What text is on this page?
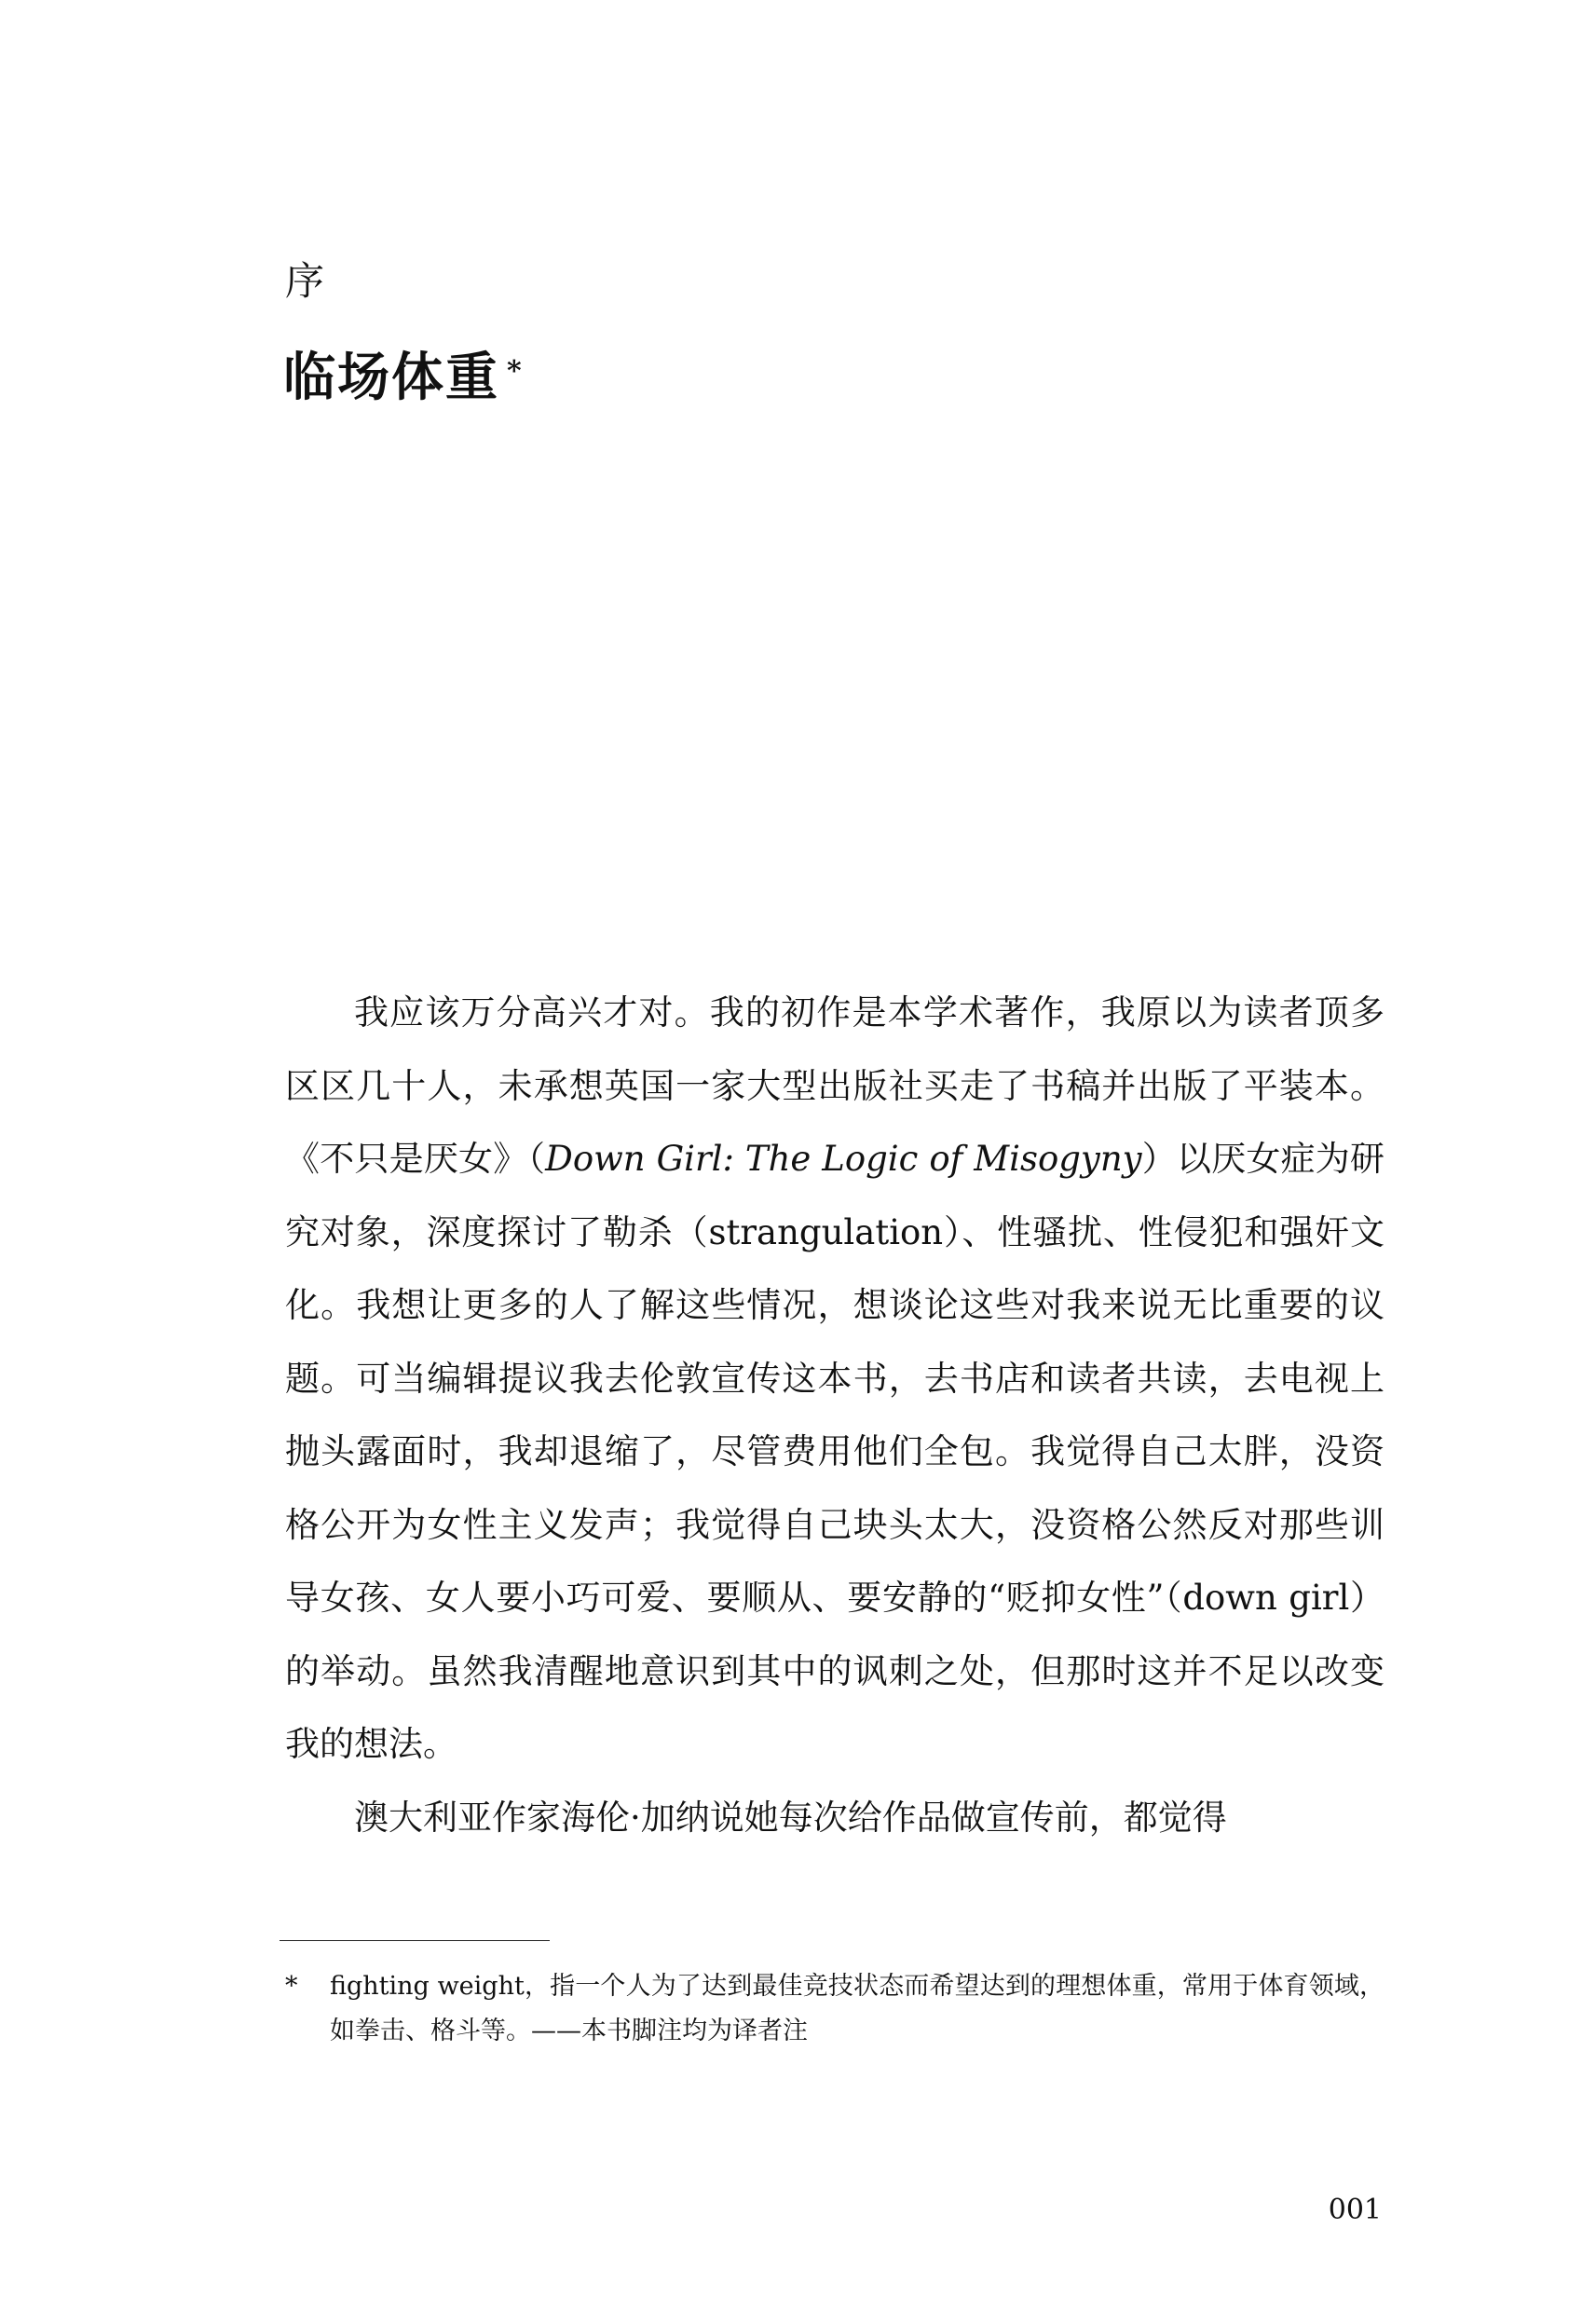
序

临场体重 *

我应该万分高兴才对。我的初作是本学术著作，我原以为读者顶多区区几十人，未承想英国一家大型出版社买走了书稿并出版了平装本。《不只是厌女》（Down Girl: The Logic of Misogyny）以厌女症为研究对象，深度探讨了勒杀（strangulation）、性骚扰、性侵犯和强奸文化。我想让更多的人了解这些情况，想谈论这些对我来说无比重要的议题。可当编辑提议我去伦敦宣传这本书，去书店和读者共读，去电视上抛头露面时，我却退缩了，尽管费用他们全包。我觉得自己太胖，没资格公开为女性主义发声；我觉得自己块头太大，没资格公然反对那些训导女孩、女人要小巧可爱、要顺从、要安静的“贬抑女性”（down girl）的举动。虽然我清醒地意识到其中的讽刺之处，但那时这并不足以改变我的想法。

澳大利亚作家海伦·加纳说她每次给作品做宣传前，都觉得

* fighting weight，指一个人为了达到最佳竞技状态而希望达到的理想体重，常用于体育领域，如拳击、格斗等。——本书脚注均为译者注

001
